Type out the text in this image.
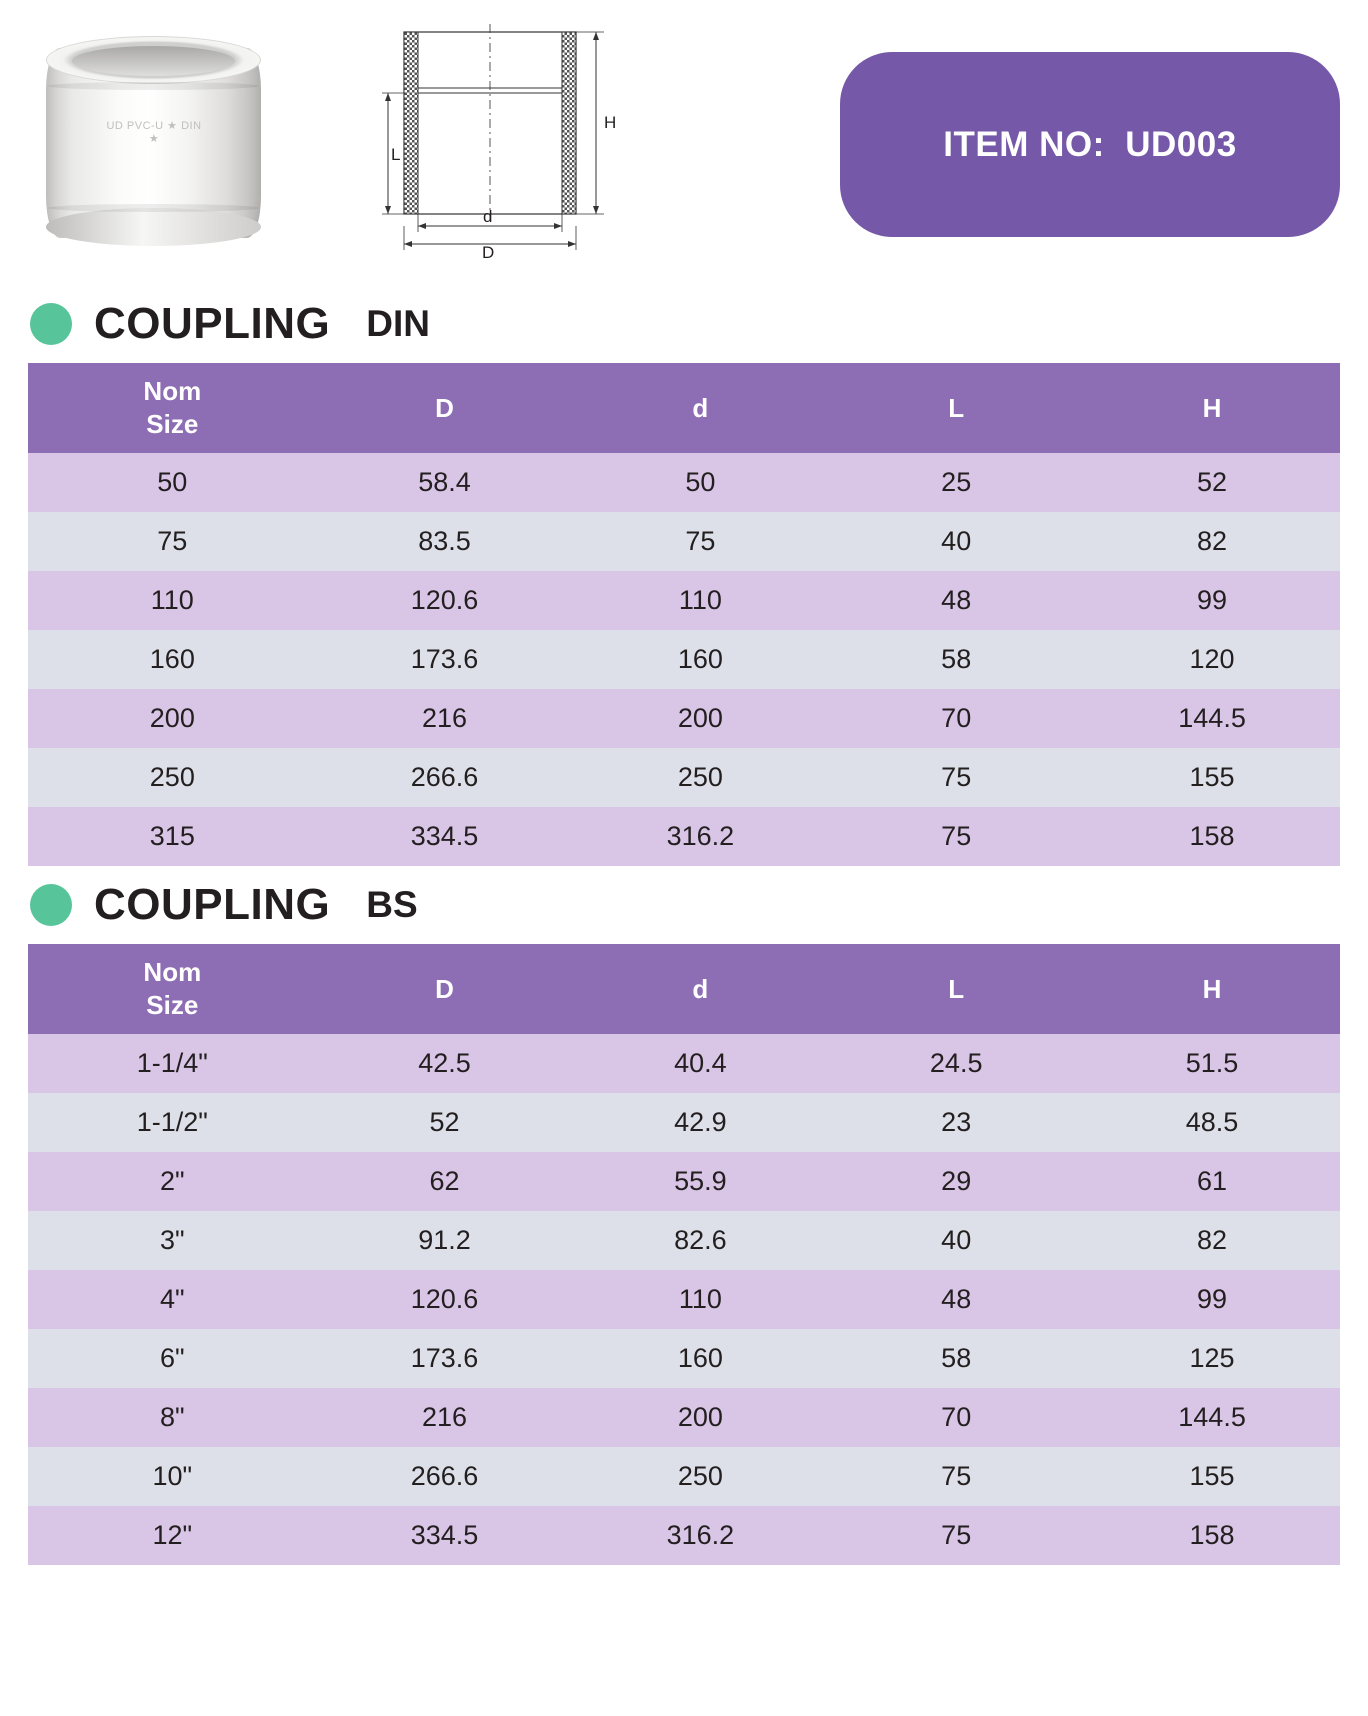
UD PVC-U ★ DIN ★
H
L
d
D
ITEM NO:  UD003
COUPLING DIN
Nom
Size	D	d	L	H
50	58.4	50	25	52
75	83.5	75	40	82
110	120.6	110	48	99
160	173.6	160	58	120
200	216	200	70	144.5
250	266.6	250	75	155
315	334.5	316.2	75	158
COUPLING BS
Nom
Size	D	d	L	H
1-1/4"	42.5	40.4	24.5	51.5
1-1/2"	52	42.9	23	48.5
2"	62	55.9	29	61
3"	91.2	82.6	40	82
4"	120.6	110	48	99
6"	173.6	160	58	125
8"	216	200	70	144.5
10"	266.6	250	75	155
12"	334.5	316.2	75	158
